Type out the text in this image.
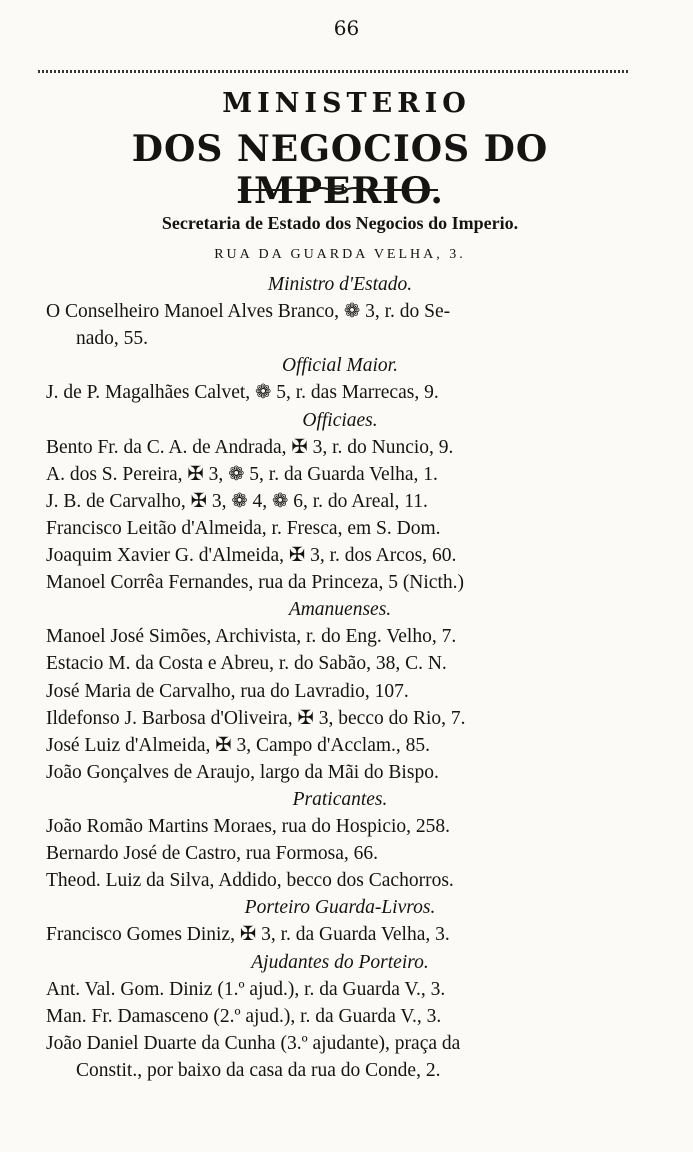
66
MINISTERIO
DOS NEGOCIOS DO IMPERIO.
Secretaria de Estado dos Negocios do Imperio.
RUA DA GUARDA VELHA, 3.
Ministro d'Estado.
O Conselheiro Manoel Alves Branco, ❁ 3, r. do Se-
nado, 55.
Official Maior.
J. de P. Magalhães Calvet, ❁ 5, r. das Marrecas, 9.
Officiaes.
Bento Fr. da C. A. de Andrada, ✠ 3, r. do Nuncio, 9.
A. dos S. Pereira, ✠ 3, ❁ 5, r. da Guarda Velha, 1.
J. B. de Carvalho, ✠ 3, ❁ 4, ❁ 6, r. do Areal, 11.
Francisco Leitão d'Almeida, r. Fresca, em S. Dom.
Joaquim Xavier G. d'Almeida, ✠ 3, r. dos Arcos, 60.
Manoel Corrêa Fernandes, rua da Princeza, 5 (Nicth.)
Amanuenses.
Manoel José Simões, Archivista, r. do Eng. Velho, 7.
Estacio M. da Costa e Abreu, r. do Sabão, 38, C. N.
José Maria de Carvalho, rua do Lavradio, 107.
Ildefonso J. Barbosa d'Oliveira, ✠ 3, becco do Rio, 7.
José Luiz d'Almeida, ✠ 3, Campo d'Acclam., 85.
João Gonçalves de Araujo, largo da Mãi do Bispo.
Praticantes.
João Romão Martins Moraes, rua do Hospicio, 258.
Bernardo José de Castro, rua Formosa, 66.
Theod. Luiz da Silva, Addido, becco dos Cachorros.
Porteiro Guarda-Livros.
Francisco Gomes Diniz, ✠ 3, r. da Guarda Velha, 3.
Ajudantes do Porteiro.
Ant. Val. Gom. Diniz (1.º ajud.), r. da Guarda V., 3.
Man. Fr. Damasceno (2.º ajud.), r. da Guarda V., 3.
João Daniel Duarte da Cunha (3.º ajudante), praça da
Constit., por baixo da casa da rua do Conde, 2.
